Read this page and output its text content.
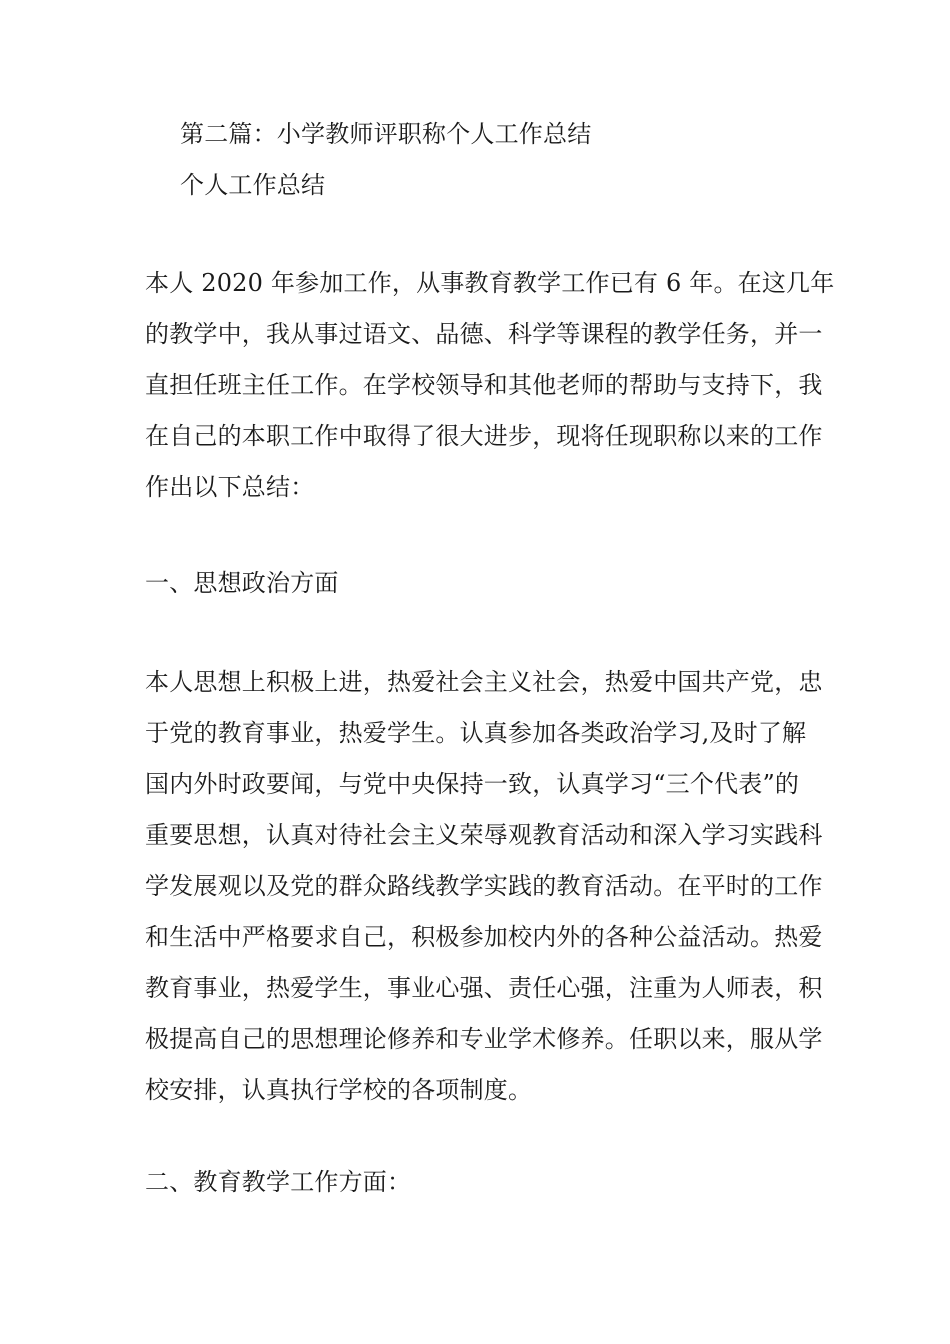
第二篇：小学教师评职称个人工作总结
个人工作总结
本人 2020 年参加工作，从事教育教学工作已有 6 年。在这几年
的教学中，我从事过语文、品德、科学等课程的教学任务，并一
直担任班主任工作。在学校领导和其他老师的帮助与支持下，我
在自己的本职工作中取得了很大进步，现将任现职称以来的工作
作出以下总结：
一、思想政治方面
本人思想上积极上进，热爱社会主义社会，热爱中国共产党，忠
于党的教育事业，热爱学生。认真参加各类政治学习,及时了解
国内外时政要闻，与党中央保持一致，认真学习“三个代表”的
重要思想，认真对待社会主义荣辱观教育活动和深入学习实践科
学发展观以及党的群众路线教学实践的教育活动。在平时的工作
和生活中严格要求自己，积极参加校内外的各种公益活动。热爱
教育事业，热爱学生，事业心强、责任心强，注重为人师表，积
极提高自己的思想理论修养和专业学术修养。任职以来，服从学
校安排，认真执行学校的各项制度。
二、教育教学工作方面：
